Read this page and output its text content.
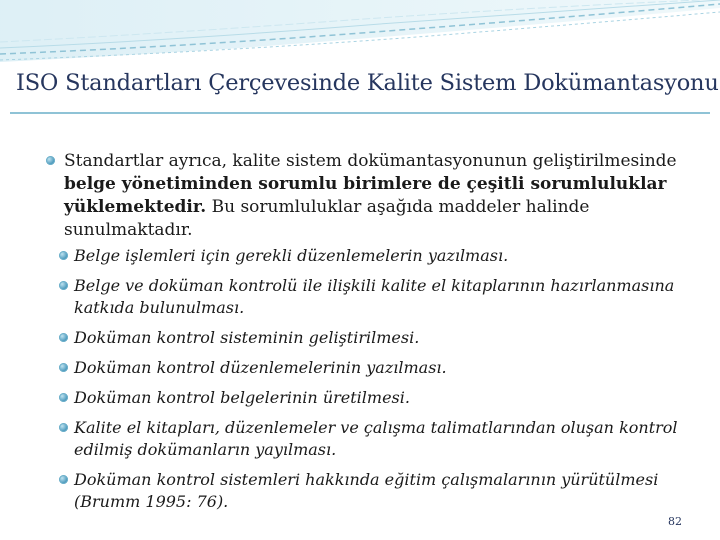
ISO Standartları Çerçevesinde Kalite Sistem Dokümantasyonu
Standartlar ayrıca, kalite sistem dokümantasyonunun geliştirilmesinde belge yönetiminden sorumlu birimlere de çeşitli sorumluluklar yüklemektedir. Bu sorumluluklar aşağıda maddeler halinde sunulmaktadır.
Belge işlemleri için gerekli düzenlemelerin yazılması.
Belge ve doküman kontrolü ile ilişkili kalite el kitaplarının hazırlanmasına katkıda bulunulması.
Doküman kontrol sisteminin geliştirilmesi.
Doküman kontrol düzenlemelerinin yazılması.
Doküman kontrol belgelerinin üretilmesi.
Kalite el kitapları, düzenlemeler ve çalışma talimatlarından oluşan kontrol edilmiş dokümanların yayılması.
Doküman kontrol sistemleri hakkında eğitim çalışmalarının yürütülmesi (Brumm 1995: 76).
82
